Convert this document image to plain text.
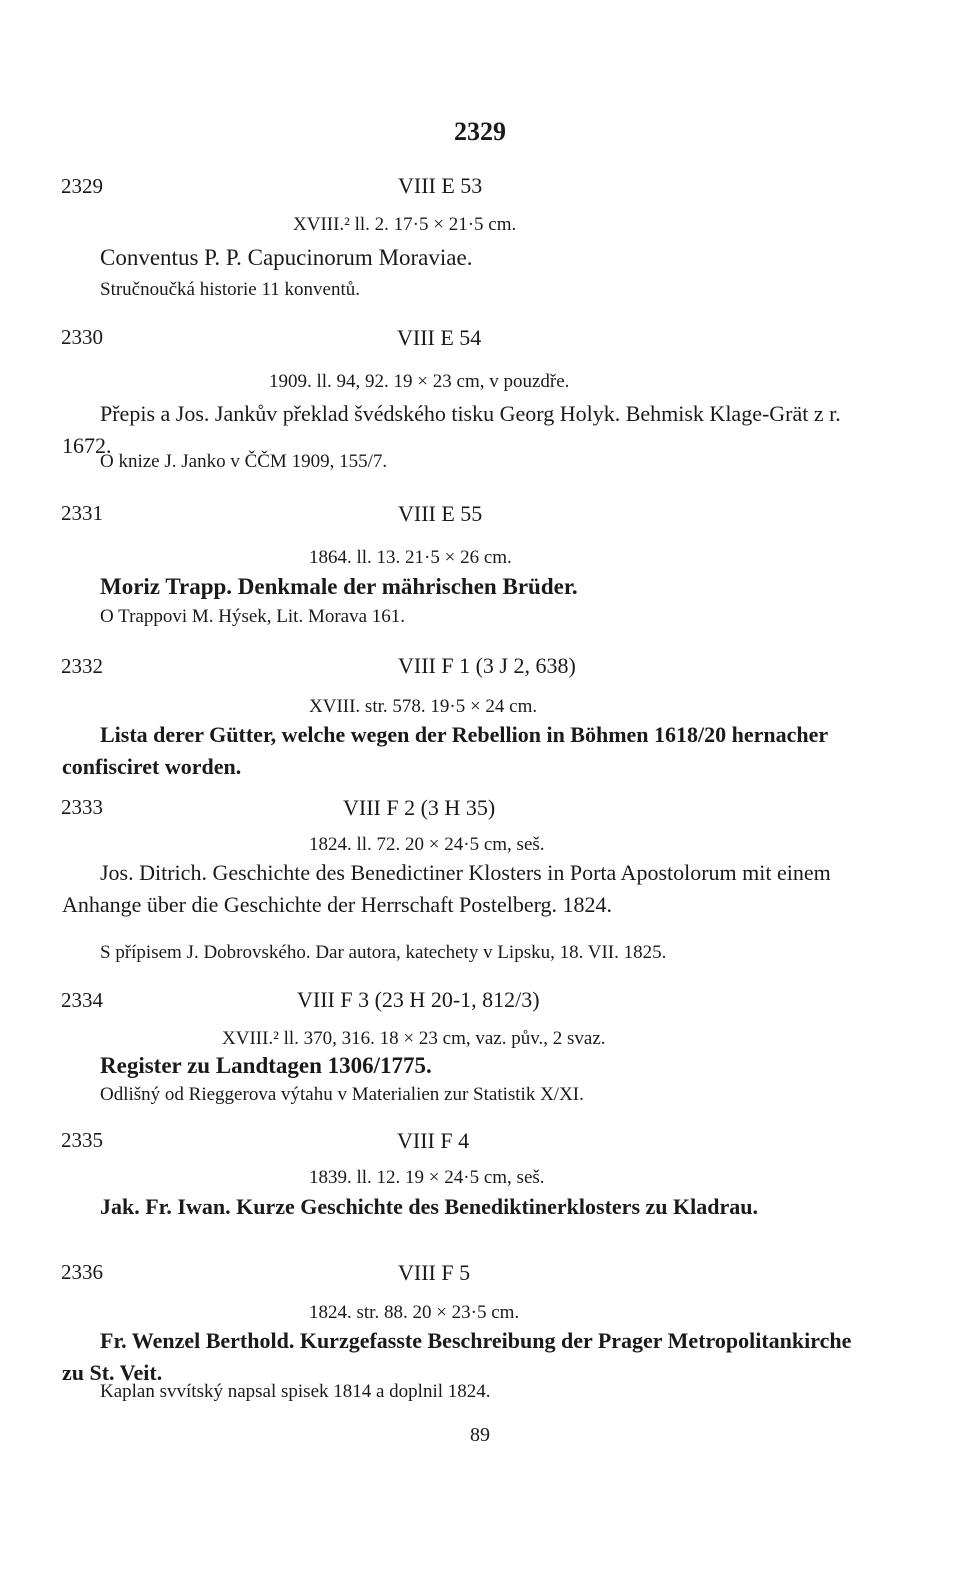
2329
2329	VIII E 53
XVIII.² ll. 2. 17·5 × 21·5 cm.
Conventus P. P. Capucinorum Moraviae.
Stručnoučká historie 11 konventů.
2330	VIII E 54
1909. ll. 94, 92. 19 × 23 cm, v pouzdře.
Přepis a Jos. Jankův překlad švédského tisku Georg Holyk. Behmisk Klage-Grät z r. 1672.
O knize J. Janko v ČČM 1909, 155/7.
2331	VIII E 55
1864. ll. 13. 21·5 × 26 cm.
Moriz Trapp. Denkmale der mährischen Brüder.
O Trappovi M. Hýsek, Lit. Morava 161.
2332	VIII F 1 (3 J 2, 638)
XVIII. str. 578. 19·5 × 24 cm.
Lista derer Gütter, welche wegen der Rebellion in Böhmen 1618/20 hernacher confisciret worden.
2333	VIII F 2 (3 H 35)
1824. ll. 72. 20 × 24·5 cm, seš.
Jos. Ditrich. Geschichte des Benedictiner Klosters in Porta Apostolorum mit einem Anhange über die Geschichte der Herrschaft Postelberg. 1824.
S přípisem J. Dobrovského. Dar autora, katechety v Lipsku, 18. VII. 1825.
2334	VIII F 3 (23 H 20-1, 812/3)
XVIII.² ll. 370, 316. 18 × 23 cm, vaz. pův., 2 svaz.
Register zu Landtagen 1306/1775.
Odlišný od Rieggerova výtahu v Materialien zur Statistik X/XI.
2335	VIII F 4
1839. ll. 12. 19 × 24·5 cm, seš.
Jak. Fr. Iwan. Kurze Geschichte des Benediktinerklosters zu Kladrau.
2336	VIII F 5
1824. str. 88. 20 × 23·5 cm.
Fr. Wenzel Berthold. Kurzgefasste Beschreibung der Prager Metropolitankirche zu St. Veit.
Kaplan svvítský napsal spisek 1814 a doplnil 1824.
89
